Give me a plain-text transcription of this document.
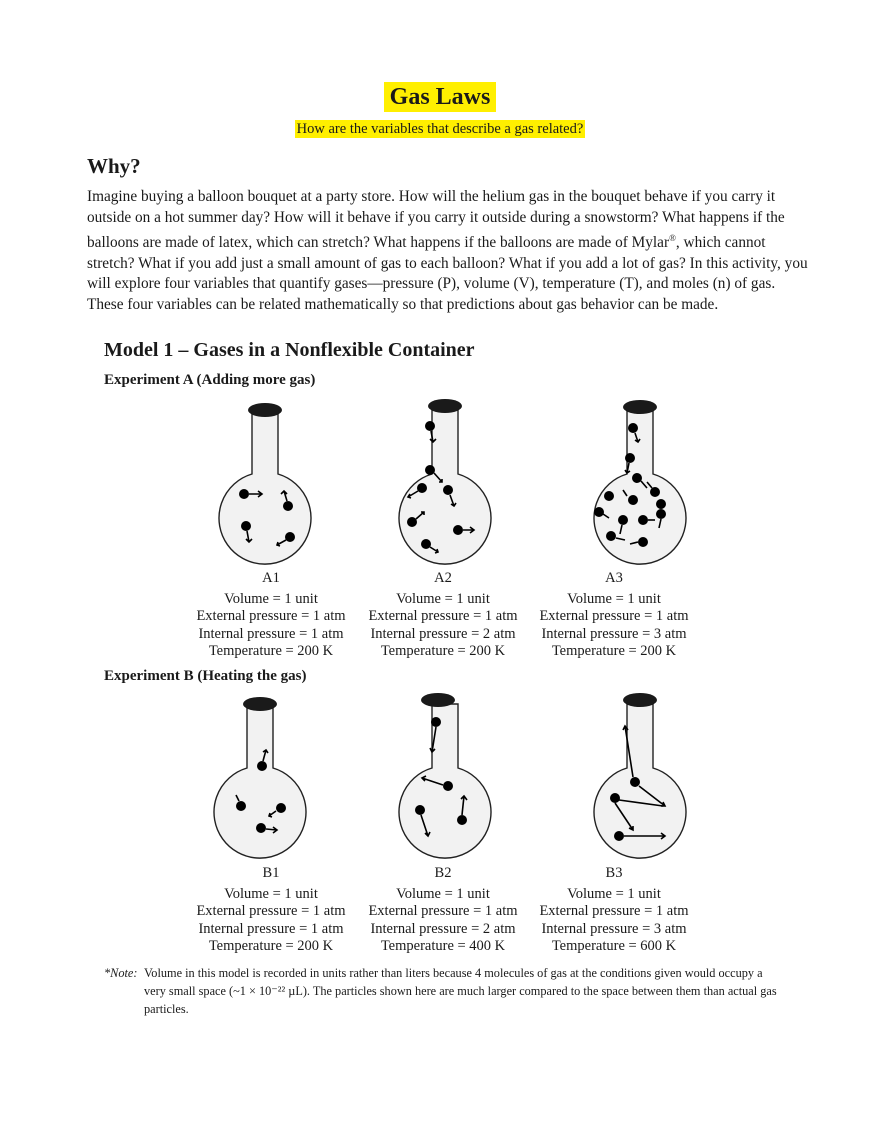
Gas Laws
How are the variables that describe a gas related?
Why?

Imagine buying a balloon bouquet at a party store. How will the helium gas in the bouquet behave if you carry it outside on a hot summer day? How will it behave if you carry it outside during a snowstorm? What happens if the balloons are made of latex, which can stretch? What happens if the balloons are made of Mylar®, which cannot stretch? What if you add just a small amount of gas to each balloon? What if you add a lot of gas? In this activity, you will explore four variables that quantify gases—pressure (P), volume (V), temperature (T), and moles (n) of gas. These four variables can be related mathematically so that predictions about gas behavior can be made.

Model 1 – Gases in a Nonflexible Container
Experiment A (Adding more gas)
Experiment B (Heating the gas)
A1
Volume = 1 unit
External pressure = 1 atm
Internal pressure = 1 atm
Temperature = 200 K
A2
Volume = 1 unit
External pressure = 1 atm
Internal pressure = 2 atm
Temperature = 200 K
A3
Volume = 1 unit
External pressure = 1 atm
Internal pressure = 3 atm
Temperature = 200 K
B1
Volume = 1 unit
External pressure = 1 atm
Internal pressure = 1 atm
Temperature = 200 K
B2
Volume = 1 unit
External pressure = 1 atm
Internal pressure = 2 atm
Temperature = 400 K
B3
Volume = 1 unit
External pressure = 1 atm
Internal pressure = 3 atm
Temperature = 600 K
*Note: Volume in this model is recorded in units rather than liters because 4 molecules of gas at the conditions given would occupy a very small space (~1 × 10⁻²² µL). The particles shown here are much larger compared to the space between them than actual gas particles.
